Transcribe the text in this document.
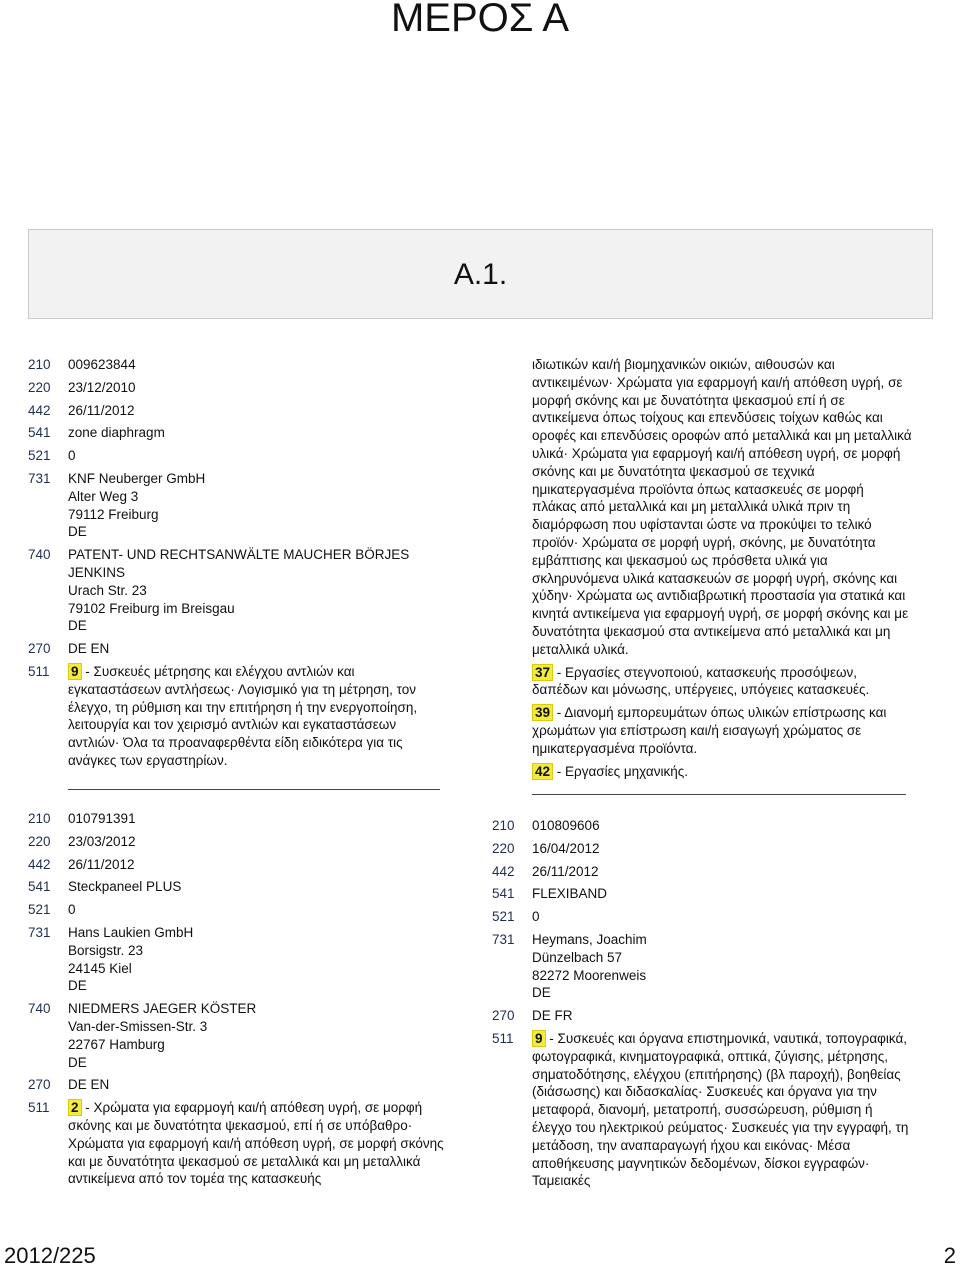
ΜΕΡΟΣ Α
A.1.
210	009623844
220	23/12/2010
442	26/11/2012
541	zone diaphragm
521	0
731	KNF Neuberger GmbH
Alter Weg 3
79112 Freiburg
DE
740	PATENT- UND RECHTSANWÄLTE MAUCHER BÖRJES
JENKINS
Urach Str. 23
79102 Freiburg im Breisgau
DE
270	DE EN
511	9 - Συσκευές μέτρησης και ελέγχου αντλιών και εγκαταστάσεων αντλήσεως· Λογισμικό για τη μέτρηση, τον έλεγχο, τη ρύθμιση και την επιτήρηση ή την ενεργοποίηση, λειτουργία και τον χειρισμό αντλιών και εγκαταστάσεων αντλιών· Όλα τα προαναφερθέντα είδη ειδικότερα για τις ανάγκες των εργαστηρίων.
210	010791391
220	23/03/2012
442	26/11/2012
541	Steckpaneel PLUS
521	0
731	Hans Laukien GmbH
Borsigstr. 23
24145 Kiel
DE
740	NIEDMERS JAEGER KÖSTER
Van-der-Smissen-Str. 3
22767 Hamburg
DE
270	DE EN
511	2 - Χρώματα για εφαρμογή και/ή απόθεση υγρή, σε μορφή σκόνης και με δυνατότητα ψεκασμού, επί ή σε υπόβαθρο· Χρώματα για εφαρμογή και/ή απόθεση υγρή, σε μορφή σκόνης και με δυνατότητα ψεκασμού σε μεταλλικά και μη μεταλλικά αντικείμενα από τον τομέα της κατασκευής

ιδιωτικών και/ή βιομηχανικών οικιών, αιθουσών και αντικειμένων· Χρώματα για εφαρμογή και/ή απόθεση υγρή, σε μορφή σκόνης και με δυνατότητα ψεκασμού επί ή σε αντικείμενα όπως τοίχους και επενδύσεις τοίχων καθώς και οροφές και επενδύσεις οροφών από μεταλλικά και μη μεταλλικά υλικά· Χρώματα για εφαρμογή και/ή απόθεση υγρή, σε μορφή σκόνης και με δυνατότητα ψεκασμού σε τεχνικά ημικατεργασμένα προϊόντα όπως κατασκευές σε μορφή πλάκας από μεταλλικά και μη μεταλλικά υλικά πριν τη διαμόρφωση που υφίστανται ώστε να προκύψει το τελικό προϊόν· Χρώματα σε μορφή υγρή, σκόνης, με δυνατότητα εμβάπτισης και ψεκασμού ως πρόσθετα υλικά για σκληρυνόμενα υλικά κατασκευών σε μορφή υγρή, σκόνης και χύδην· Χρώματα ως αντιδιαβρωτική προστασία για στατικά και κινητά αντικείμενα για εφαρμογή υγρή, σε μορφή σκόνης και με δυνατότητα ψεκασμού στα αντικείμενα από μεταλλικά και μη μεταλλικά υλικά.

37 - Εργασίες στεγνοποιού, κατασκευής προσόψεων, δαπέδων και μόνωσης, υπέργειες, υπόγειες κατασκευές.

39 - Διανομή εμπορευμάτων όπως υλικών επίστρωσης και χρωμάτων για επίστρωση και/ή εισαγωγή χρώματος σε ημικατεργασμένα προϊόντα.

42 - Εργασίες μηχανικής.

210	010809606
220	16/04/2012
442	26/11/2012
541	FLEXIBAND
521	0
731	Heymans, Joachim
Dünzelbach 57
82272 Moorenweis
DE
270	DE FR
511	9 - Συσκευές και όργανα επιστημονικά, ναυτικά, τοπογραφικά, φωτογραφικά, κινηματογραφικά, οπτικά, ζύγισης, μέτρησης, σηματοδότησης, ελέγχου (επιτήρησης) (βλ παροχή), βοηθείας (διάσωσης) και διδασκαλίας· Συσκευές και όργανα για την μεταφορά, διανομή, μετατροπή, συσσώρευση, ρύθμιση ή έλεγχο του ηλεκτρικού ρεύματος· Συσκευές για την εγγραφή, τη μετάδοση, την αναπαραγωγή ήχου και εικόνας· Μέσα αποθήκευσης μαγνητικών δεδομένων, δίσκοι εγγραφών· Ταμειακές
2012/225	2
